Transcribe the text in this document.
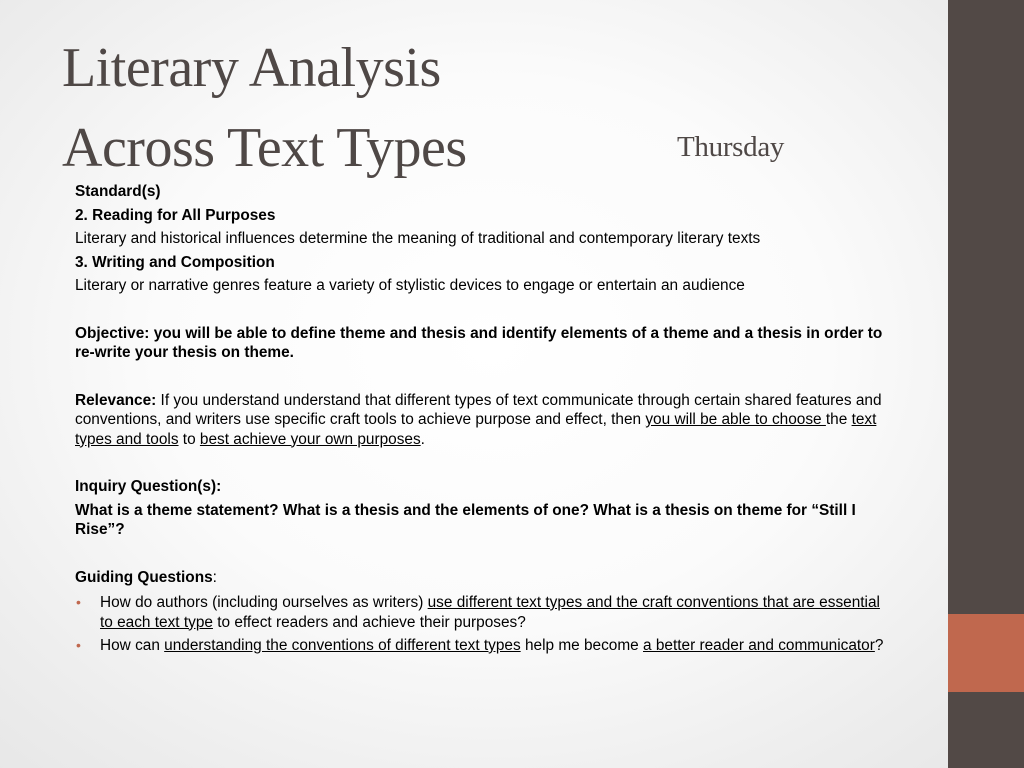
Literary Analysis
Across Text Types	Thursday

Standard(s)

2. Reading for All Purposes

Literary and historical influences determine the meaning of traditional and contemporary literary texts

3. Writing and Composition

Literary or narrative genres feature a variety of stylistic devices to engage or entertain an audience

Objective: you will be able to define theme and thesis and identify elements of a theme and a thesis in order to re-write your thesis on theme.

Relevance: If you understand understand that different types of text communicate through certain shared features and conventions, and writers use specific craft tools to achieve purpose and effect, then you will be able to choose the text types and tools to best achieve your own purposes.

Inquiry Question(s):

What is a theme statement? What is a thesis and the elements of one? What is a thesis on theme for “Still I Rise”?

Guiding Questions:

• How do authors (including ourselves as writers) use different text types and the craft conventions that are essential to each text type to effect readers and achieve their purposes?
• How can understanding the conventions of different text types help me become a better reader and communicator?
